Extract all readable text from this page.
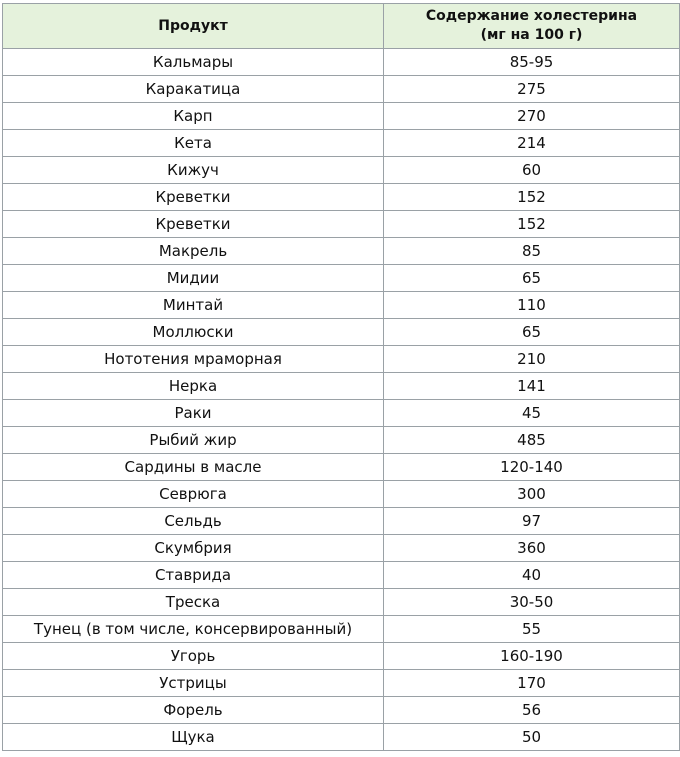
Продукт	Содержание холестерина
(мг на 100 г)
Кальмары	85-95
Каракатица	275
Карп	270
Кета	214
Кижуч	60
Креветки	152
Креветки	152
Макрель	85
Мидии	65
Минтай	110
Моллюски	65
Нототения мраморная	210
Нерка	141
Раки	45
Рыбий жир	485
Сардины в масле	120-140
Севрюга	300
Сельдь	97
Скумбрия	360
Ставрида	40
Треска	30-50
Тунец (в том числе, консервированный)	55
Угорь	160-190
Устрицы	170
Форель	56
Щука	50
